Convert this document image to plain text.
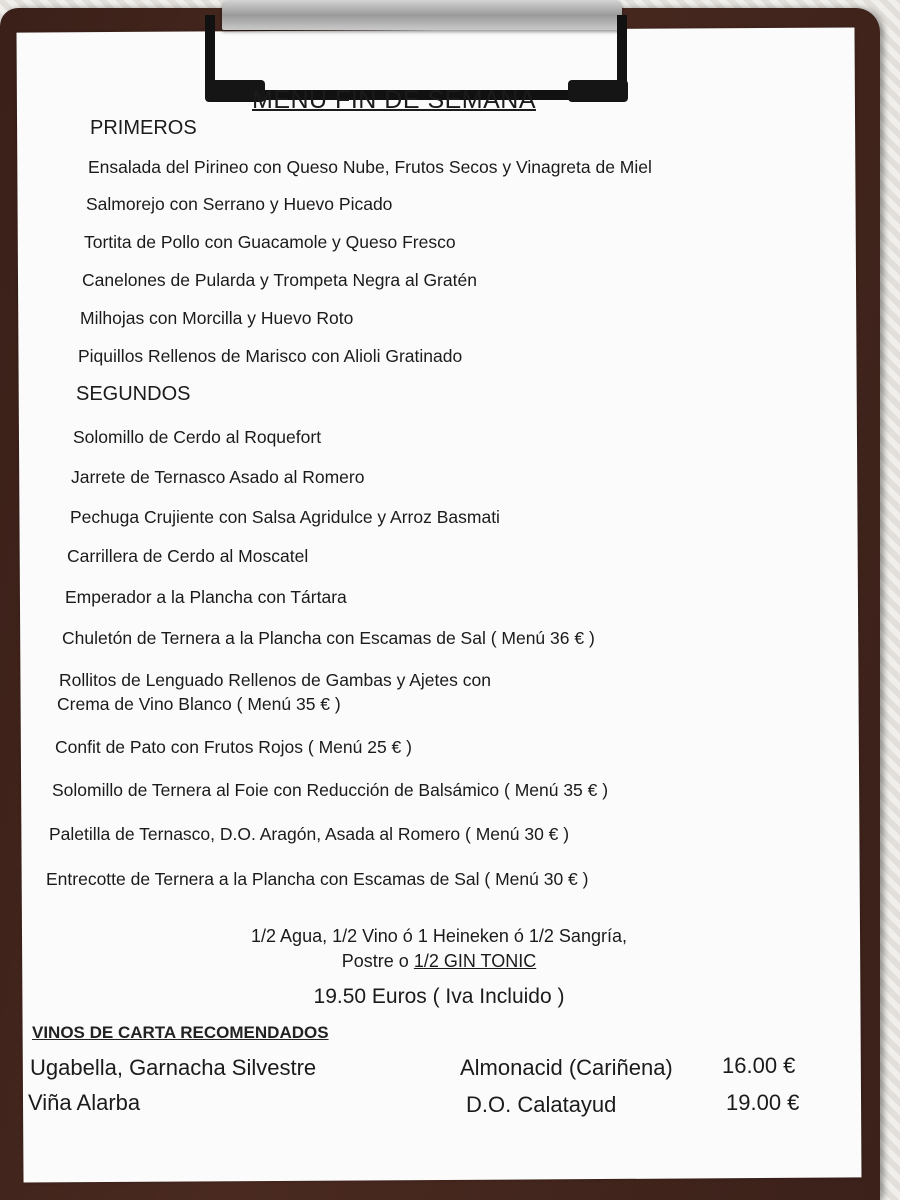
MENU FIN DE SEMANA
PRIMEROS
Ensalada del Pirineo con Queso Nube, Frutos Secos y Vinagreta de Miel
Salmorejo con Serrano y Huevo Picado
Tortita de Pollo con Guacamole y Queso Fresco
Canelones de Pularda y Trompeta Negra al Gratén
Milhojas con Morcilla y Huevo Roto
Piquillos Rellenos de Marisco con Alioli Gratinado
SEGUNDOS
Solomillo de Cerdo al Roquefort
Jarrete de Ternasco Asado al Romero
Pechuga Crujiente con Salsa Agridulce y Arroz Basmati
Carrillera de Cerdo al Moscatel
Emperador a la Plancha con Tártara
Chuletón de Ternera a la Plancha con Escamas de Sal ( Menú 36 € )
Rollitos de Lenguado Rellenos de Gambas y Ajetes con
Crema de Vino Blanco ( Menú 35 € )
Confit de Pato con Frutos Rojos ( Menú 25 € )
Solomillo de Ternera al Foie con Reducción de Balsámico ( Menú 35 € )
Paletilla de Ternasco, D.O. Aragón, Asada al Romero ( Menú 30 € )
Entrecotte de Ternera a la Plancha con Escamas de Sal ( Menú 30 € )
1/2 Agua, 1/2 Vino ó 1 Heineken ó 1/2 Sangría,
Postre o 1/2 GIN TONIC
19.50 Euros ( Iva Incluido )
VINOS DE CARTA RECOMENDADOS
Ugabella, Garnacha Silvestre	Almonacid (Cariñena) 16.00 €
Viña Alarba	D.O. Calatayud	19.00 €
